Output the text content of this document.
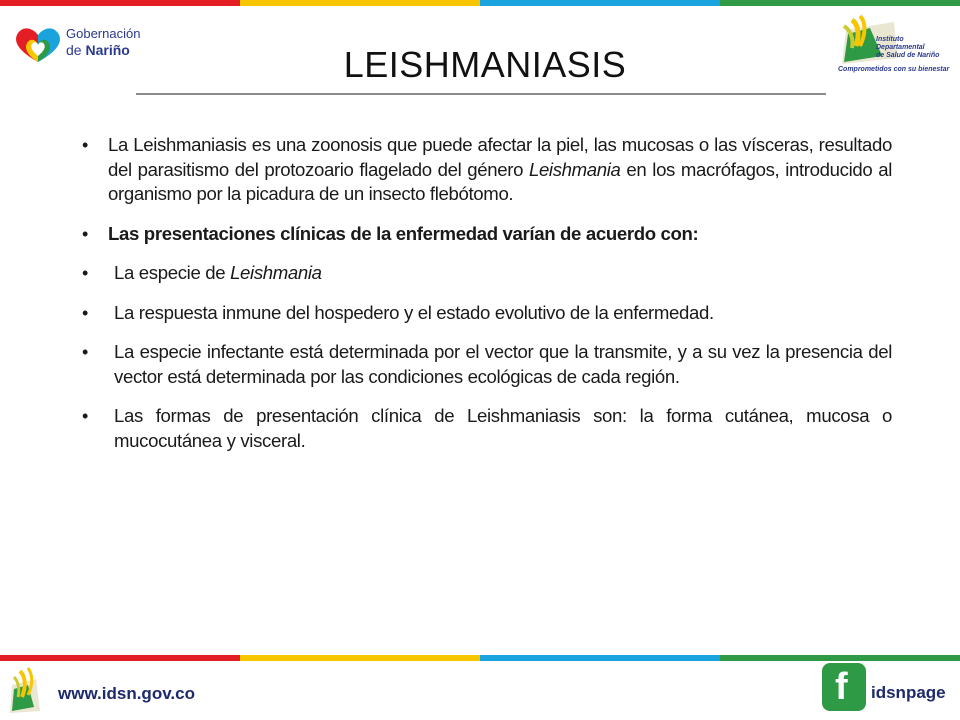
Gobernación
de Nariño
Instituto
Departamental
de Salud de Nariño
Comprometidos con su bienestar
LEISHMANIASIS
•	La Leishmaniasis es una zoonosis que puede afectar la piel, las mucosas o las vísceras, resultado del parasitismo del protozoario flagelado del género Leishmania en los macrófagos, introducido al organismo por la picadura de un insecto flebótomo.
•	Las presentaciones clínicas de la enfermedad varían de acuerdo con:
•	La especie de Leishmania
•	La respuesta inmune del hospedero y el estado evolutivo de la enfermedad.
•	La especie infectante está determinada por el vector que la transmite, y a su vez la presencia del vector está determinada por las condiciones ecológicas de cada región.
•	Las formas de presentación clínica de Leishmaniasis son: la forma cutánea, mucosa o mucocutánea y visceral.
www.idsn.gov.co	f idsnpage
